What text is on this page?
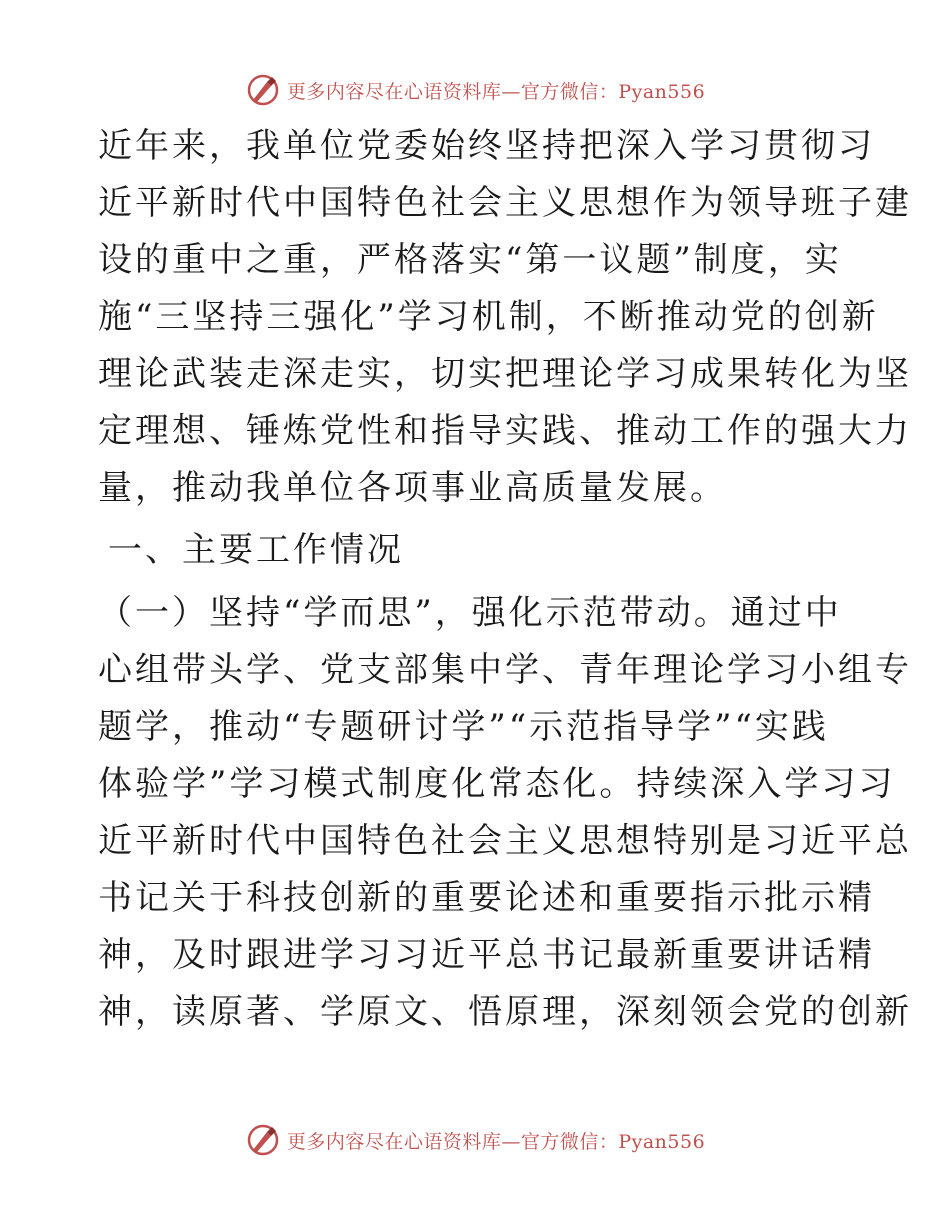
更多内容尽在心语资料库—官方微信：Pyan556

近年来，我单位党委始终坚持把深入学习贯彻习
近平新时代中国特色社会主义思想作为领导班子建
设的重中之重，严格落实“第一议题”制度，实
施“三坚持三强化”学习机制，不断推动党的创新
理论武装走深走实，切实把理论学习成果转化为坚
定理想、锤炼党性和指导实践、推动工作的强大力
量，推动我单位各项事业高质量发展。

一、主要工作情况

（一）坚持“学而思”，强化示范带动。通过中
心组带头学、党支部集中学、青年理论学习小组专
题学，推动“专题研讨学”“示范指导学”“实践
体验学”学习模式制度化常态化。持续深入学习习
近平新时代中国特色社会主义思想特别是习近平总
书记关于科技创新的重要论述和重要指示批示精
神，及时跟进学习习近平总书记最新重要讲话精
神，读原著、学原文、悟原理，深刻领会党的创新

更多内容尽在心语资料库—官方微信：Pyan556
